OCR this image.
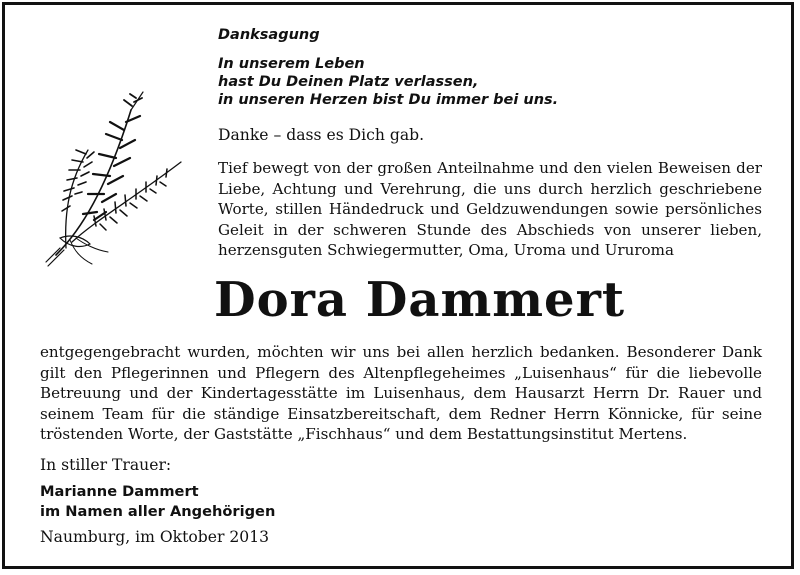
Danksagung

In unserem Leben
hast Du Deinen Platz verlassen,
in unseren Herzen bist Du immer bei uns.

Danke – dass es Dich gab.

Tief bewegt von der großen Anteilnahme und den vielen Beweisen der Liebe, Achtung und Verehrung, die uns durch herzlich geschriebene Worte, stillen Händedruck und Geldzuwendungen sowie persönliches Geleit in der schweren Stunde des Abschieds von unserer lieben, herzensguten Schwiegermutter, Oma, Uroma und Ururoma

Dora Dammert

entgegengebracht wurden, möchten wir uns bei allen herzlich bedanken. Besonderer Dank gilt den Pflegerinnen und Pflegern des Altenpflegeheimes „Luisenhaus“ für die liebevolle Betreuung und der Kindertagesstätte im Luisenhaus, dem Hausarzt Herrn Dr. Rauer und seinem Team für die ständige Einsatzbereitschaft, dem Redner Herrn Könnicke, für seine tröstenden Worte, der Gaststätte „Fischhaus“ und dem Bestattungsinstitut Mertens.

In stiller Trauer:

Marianne Dammert
im Namen aller Angehörigen

Naumburg, im Oktober 2013
